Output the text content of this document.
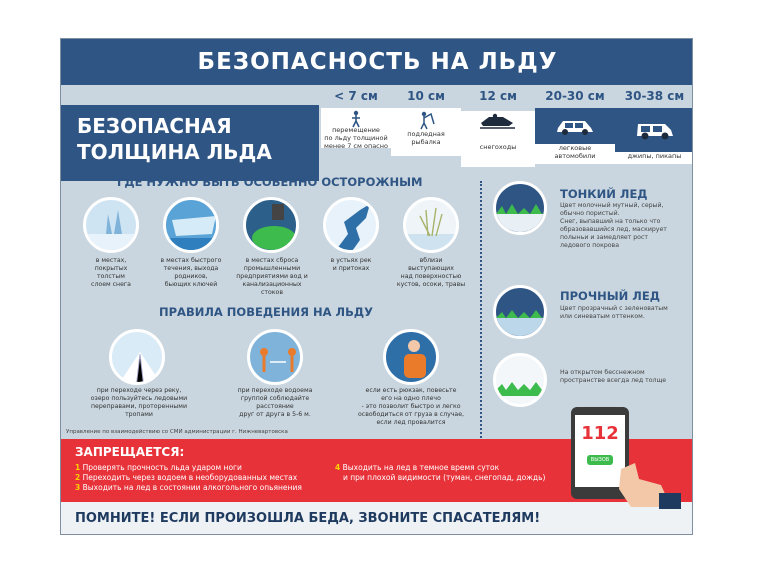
БЕЗОПАСНОСТЬ НА ЛЬДУ
БЕЗОПАСНАЯ
ТОЛЩИНА ЛЬДА
< 7 см
перемещение
по льду толщиной
менее 7 см опасно
10 см
подледная
рыбалка
12 см
снегоходы
20-30 см
легковые
автомобили
30-38 см
джипы, пикапы
ГДЕ НУЖНО БЫТЬ ОСОБЕННО ОСТОРОЖНЫМ
в местах,
покрытых
толстым
слоем снега
в местах быстрого
течения, выхода
родников,
бьющих ключей
в местах сброса
промышленными
предприятиями вод и
канализационных
стоков
в устьях рек
и притоках
вблизи
выступающих
над поверхностью
кустов, осоки, травы
ПРАВИЛА ПОВЕДЕНИЯ НА ЛЬДУ
при переходе через реку,
озеро пользуйтесь ледовыми
переправами, проторенными
тропами
при переходе водоема
группой соблюдайте
расстояние
друг от друга в 5-6 м.
если есть рюкзак, повесьте
его на одно плечо
- это позволит быстро и легко
освободиться от груза в случае,
если лед провалится
ТОНКИЙ ЛЕД
Цвет молочный мутный, серый,
обычно пористый.
Снег, выпавший на только что
образовавшийся лед, маскирует
полыньи и замедляет рост
ледового покрова
ПРОЧНЫЙ ЛЕД
Цвет прозрачный с зеленоватым
или синеватым оттенком.
На открытом бесснежном
пространстве всегда лед толще
Управление по взаимодействию со СМИ администрации г. Нижневартовска
ЗАПРЕЩАЕТСЯ:
1 Проверять прочность льда ударом ноги
2 Переходить через водоем в необорудованных местах
3 Выходить на лед в состоянии алкогольного опьянения
4 Выходить на лед в темное время суток
и при плохой видимости (туман, снегопад, дождь)
ПОМНИТЕ! ЕСЛИ ПРОИЗОШЛА БЕДА, ЗВОНИТЕ СПАСАТЕЛЯМ!
112
ВЫЗОВ
